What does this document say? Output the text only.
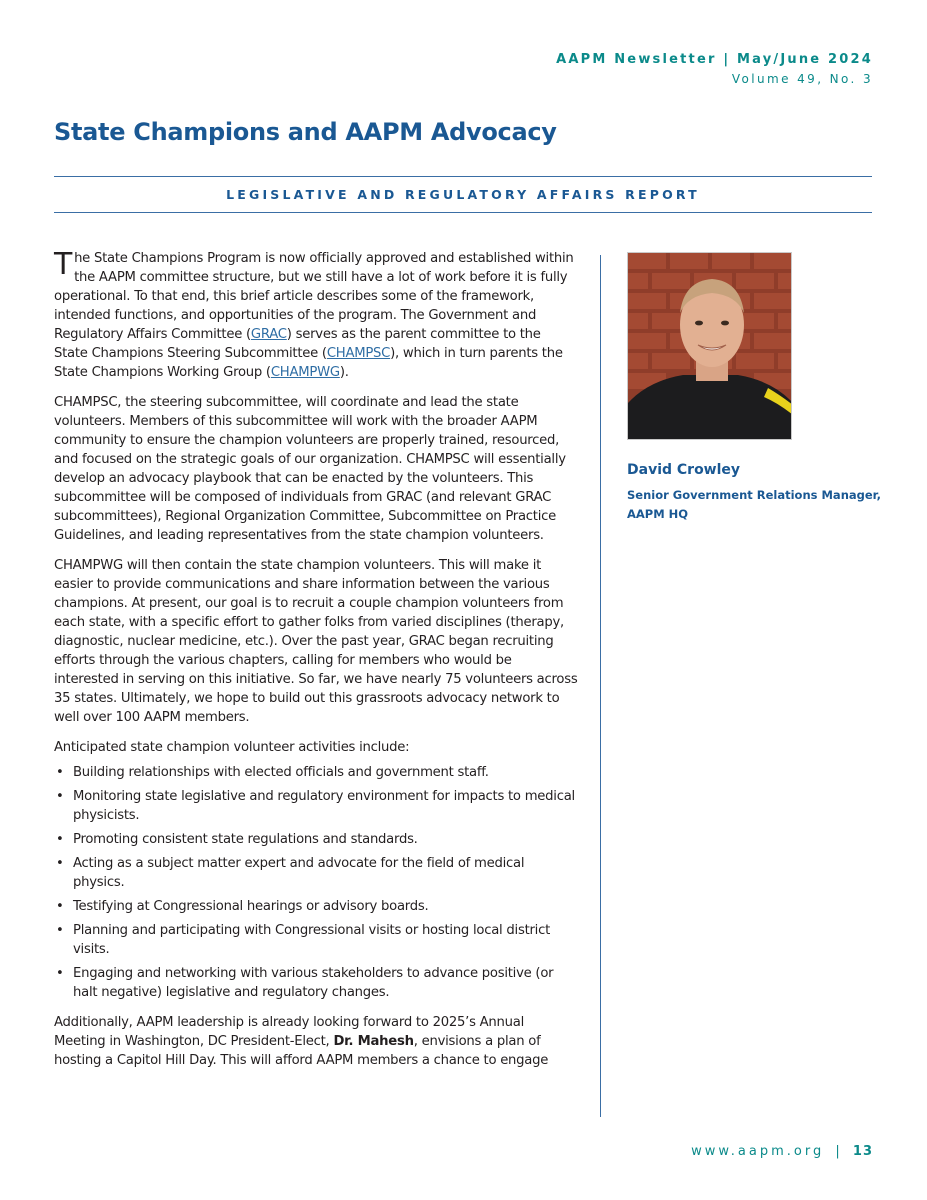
AAPM Newsletter | May/June 2024
Volume 49, No. 3
State Champions and AAPM Advocacy
LEGISLATIVE AND REGULATORY AFFAIRS REPORT

The State Champions Program is now officially approved and established within the AAPM committee structure, but we still have a lot of work before it is fully operational. To that end, this brief article describes some of the framework, intended functions, and opportunities of the program. The Government and Regulatory Affairs Committee (GRAC) serves as the parent committee to the State Champions Steering Subcommittee (CHAMPSC), which in turn parents the State Champions Working Group (CHAMPWG).

CHAMPSC, the steering subcommittee, will coordinate and lead the state volunteers. Members of this subcommittee will work with the broader AAPM community to ensure the champion volunteers are properly trained, resourced, and focused on the strategic goals of our organization. CHAMPSC will essentially develop an advocacy playbook that can be enacted by the volunteers. This subcommittee will be composed of individuals from GRAC (and relevant GRAC subcommittees), Regional Organization Committee, Subcommittee on Practice Guidelines, and leading representatives from the state champion volunteers.

CHAMPWG will then contain the state champion volunteers. This will make it easier to provide communications and share information between the various champions. At present, our goal is to recruit a couple champion volunteers from each state, with a specific effort to gather folks from varied disciplines (therapy, diagnostic, nuclear medicine, etc.). Over the past year, GRAC began recruiting efforts through the various chapters, calling for members who would be interested in serving on this initiative. So far, we have nearly 75 volunteers across 35 states. Ultimately, we hope to build out this grassroots advocacy network to well over 100 AAPM members.

Anticipated state champion volunteer activities include:

• Building relationships with elected officials and government staff.
• Monitoring state legislative and regulatory environment for impacts to medical physicists.
• Promoting consistent state regulations and standards.
• Acting as a subject matter expert and advocate for the field of medical physics.
• Testifying at Congressional hearings or advisory boards.
• Planning and participating with Congressional visits or hosting local district visits.
• Engaging and networking with various stakeholders to advance positive (or halt negative) legislative and regulatory changes.

Additionally, AAPM leadership is already looking forward to 2025’s Annual Meeting in Washington, DC President-Elect, Dr. Mahesh, envisions a plan of hosting a Capitol Hill Day. This will afford AAPM members a chance to engage

David Crowley
Senior Government Relations Manager,
AAPM HQ
www.aapm.org | 13
